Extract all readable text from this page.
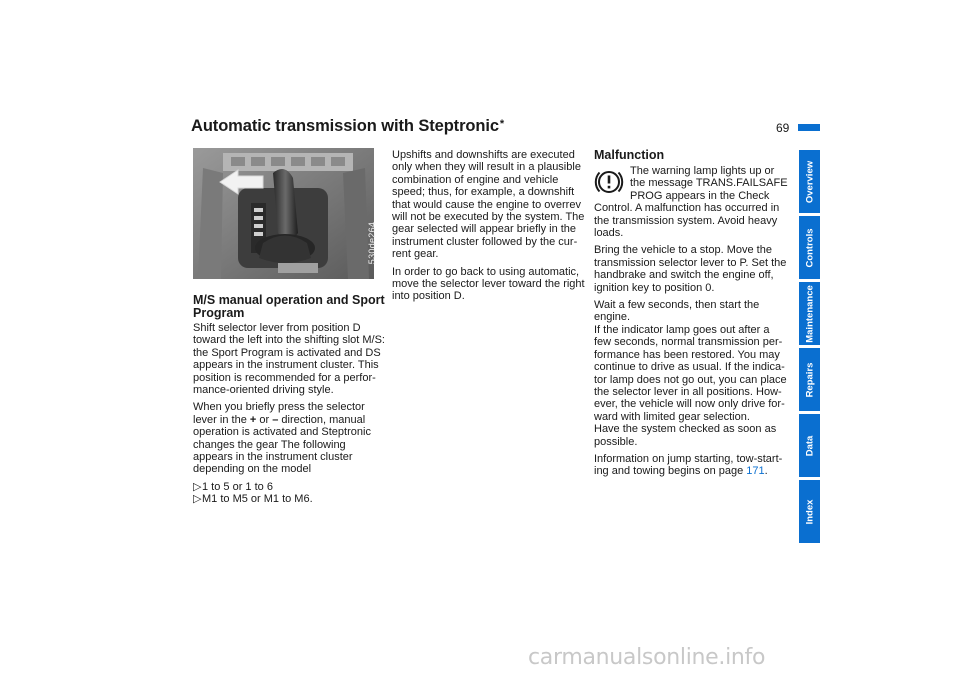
Automatic transmission with Steptronic*	69
530de264
M/S manual operation and Sport Program

Shift selector lever from position D toward the left into the shifting slot M/S: the Sport Program is activated and DS appears in the instrument cluster. This position is recommended for a perfor-mance-oriented driving style.

When you briefly press the selector lever in the + or – direction, manual operation is activated and Steptronic changes the gear The following appears in the instrument cluster depending on the model

▷ 1 to 5 or 1 to 6
▷ M1 to M5 or M1 to M6.

Upshifts and downshifts are executed only when they will result in a plausible combination of engine and vehicle speed; thus, for example, a downshift that would cause the engine to overrev will not be executed by the system. The gear selected will appear briefly in the instrument cluster followed by the cur-rent gear.

In order to go back to using automatic, move the selector lever toward the right into position D.

Malfunction

The warning lamp lights up or the message TRANS.FAILSAFE PROG appears in the Check Control. A malfunction has occurred in the transmission system. Avoid heavy loads.

Bring the vehicle to a stop. Move the transmission selector lever to P. Set the handbrake and switch the engine off, ignition key to position 0.

Wait a few seconds, then start the engine.
If the indicator lamp goes out after a few seconds, normal transmission per-formance has been restored. You may continue to drive as usual. If the indica-tor lamp does not go out, you can place the selector lever in all positions. How-ever, the vehicle will now only drive for-ward with limited gear selection.
Have the system checked as soon as possible.

Information on jump starting, tow-start-ing and towing begins on page 171.

Overview
Controls
Maintenance
Repairs
Data
Index
carmanualsonline.info
